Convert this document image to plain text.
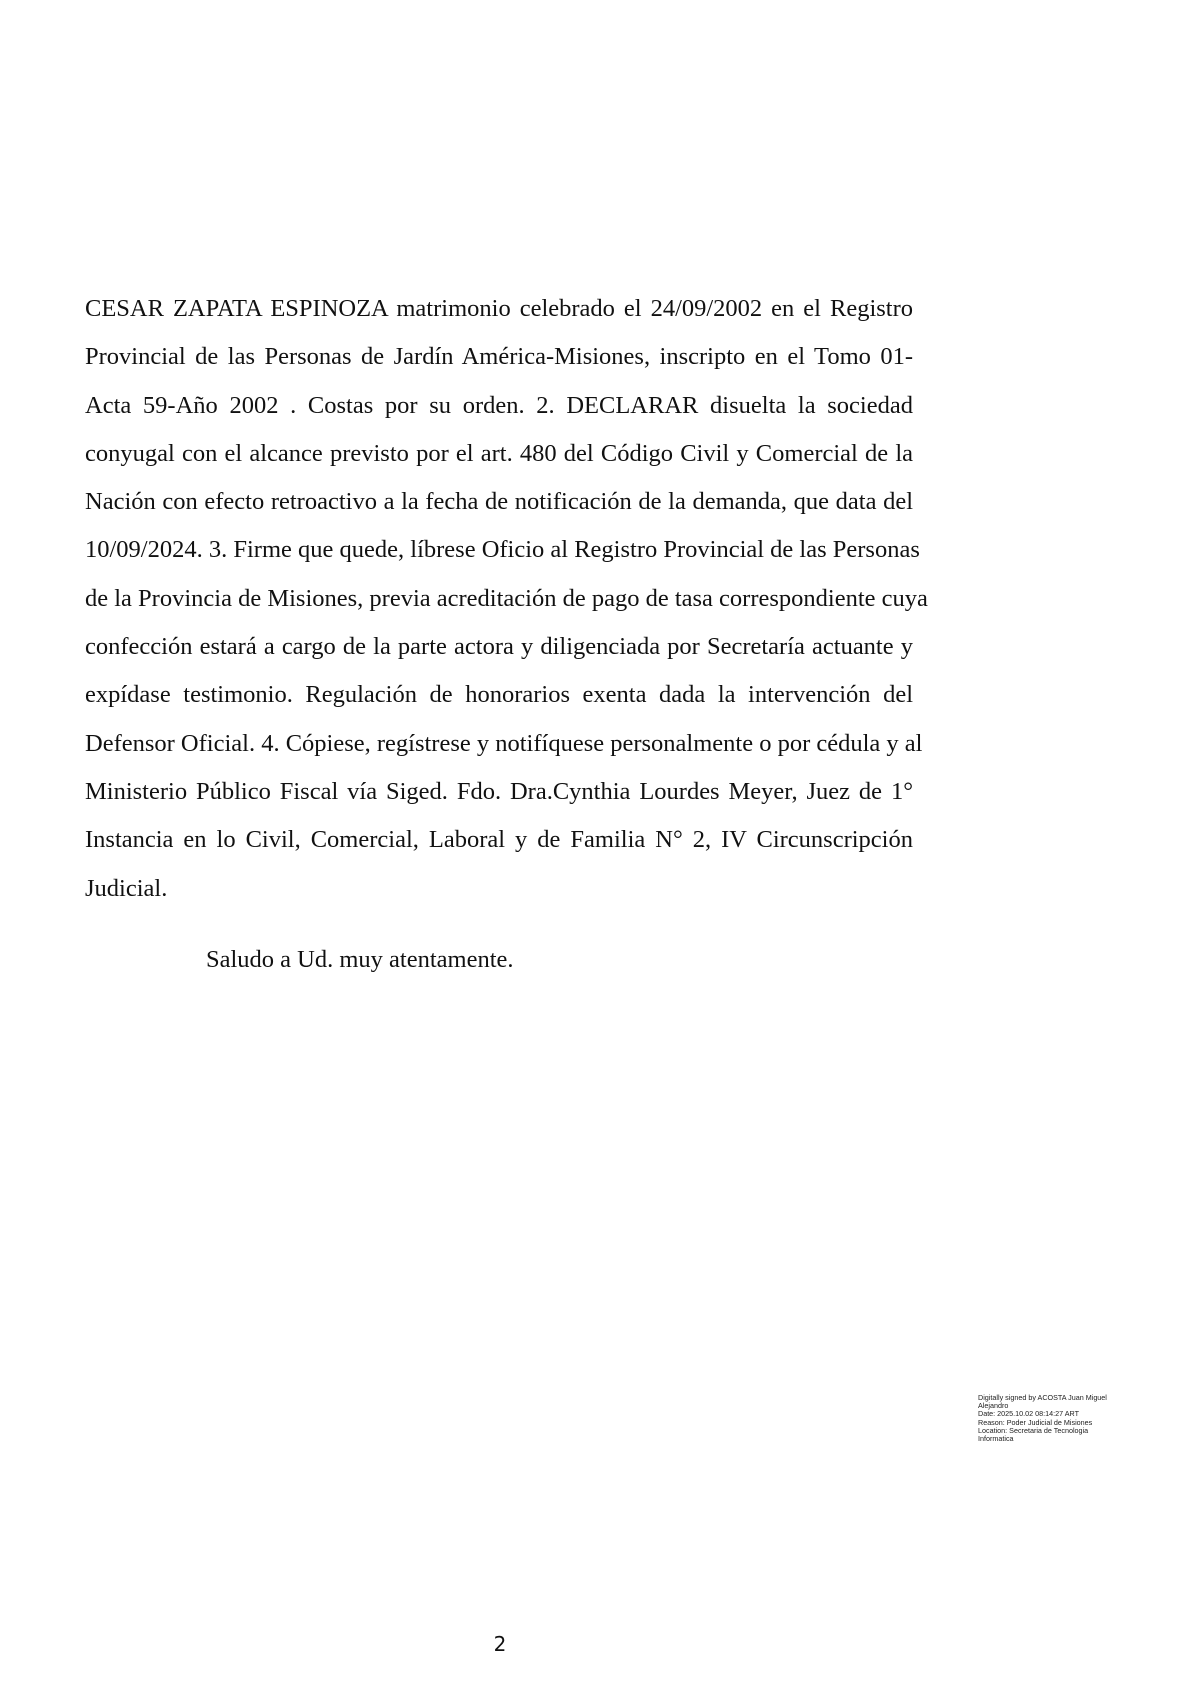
CESAR ZAPATA ESPINOZA matrimonio celebrado el 24/09/2002 en el Registro
Provincial de las Personas de Jardín América-Misiones, inscripto en el Tomo 01-
Acta 59-Año 2002 . Costas por su orden. 2. DECLARAR disuelta la sociedad
conyugal con el alcance previsto por el art. 480 del Código Civil y Comercial de la
Nación con efecto retroactivo a la fecha de notificación de la demanda, que data del
10/09/2024. 3. Firme que quede, líbrese Oficio al Registro Provincial de las Personas
de la Provincia de Misiones, previa acreditación de pago de tasa correspondiente cuya
confección estará a cargo de la parte actora y diligenciada por Secretaría actuante y
expídase testimonio. Regulación de honorarios exenta dada la intervención del
Defensor Oficial. 4. Cópiese, regístrese y notifíquese personalmente o por cédula y al
Ministerio Público Fiscal vía Siged. Fdo. Dra.Cynthia Lourdes Meyer, Juez de 1°
Instancia en lo Civil, Comercial, Laboral y de Familia N° 2, IV Circunscripción
Judicial.

Saludo a Ud. muy atentamente.

Digitally signed by ACOSTA Juan Miguel
Alejandro
Date: 2025.10.02 08:14:27 ART
Reason: Poder Judicial de Misiones
Location: Secretaria de Tecnologia
Informatica
2
